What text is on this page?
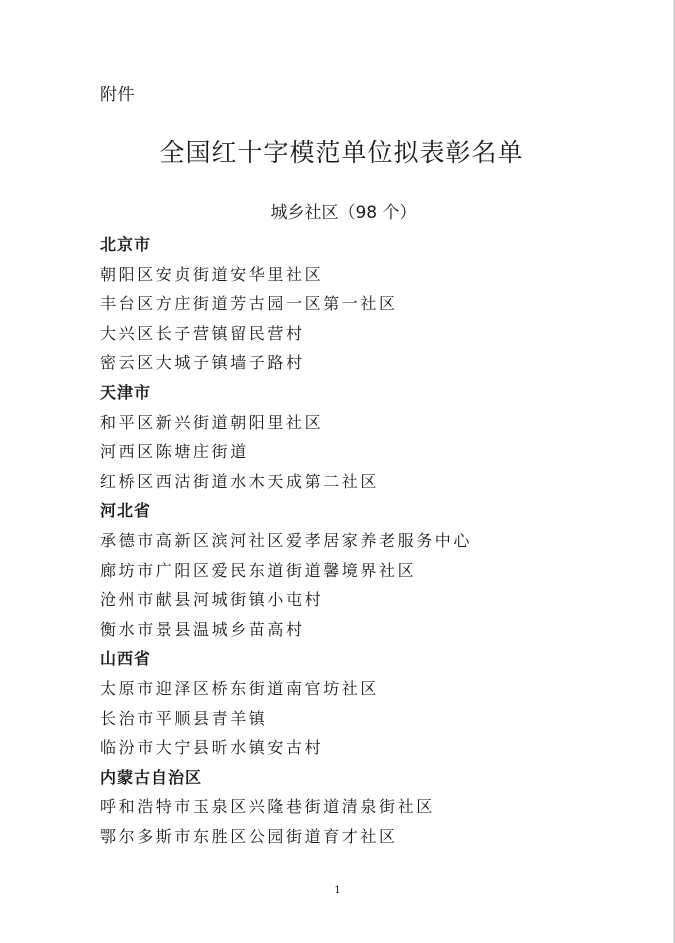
附件
全国红十字模范单位拟表彰名单
城乡社区（98 个）
北京市
朝阳区安贞街道安华里社区
丰台区方庄街道芳古园一区第一社区
大兴区长子营镇留民营村
密云区大城子镇墙子路村
天津市
和平区新兴街道朝阳里社区
河西区陈塘庄街道
红桥区西沽街道水木天成第二社区
河北省
承德市高新区滨河社区爱孝居家养老服务中心
廊坊市广阳区爱民东道街道馨境界社区
沧州市献县河城街镇小屯村
衡水市景县温城乡苗高村
山西省
太原市迎泽区桥东街道南官坊社区
长治市平顺县青羊镇
临汾市大宁县昕水镇安古村
内蒙古自治区
呼和浩特市玉泉区兴隆巷街道清泉街社区
鄂尔多斯市东胜区公园街道育才社区
1
